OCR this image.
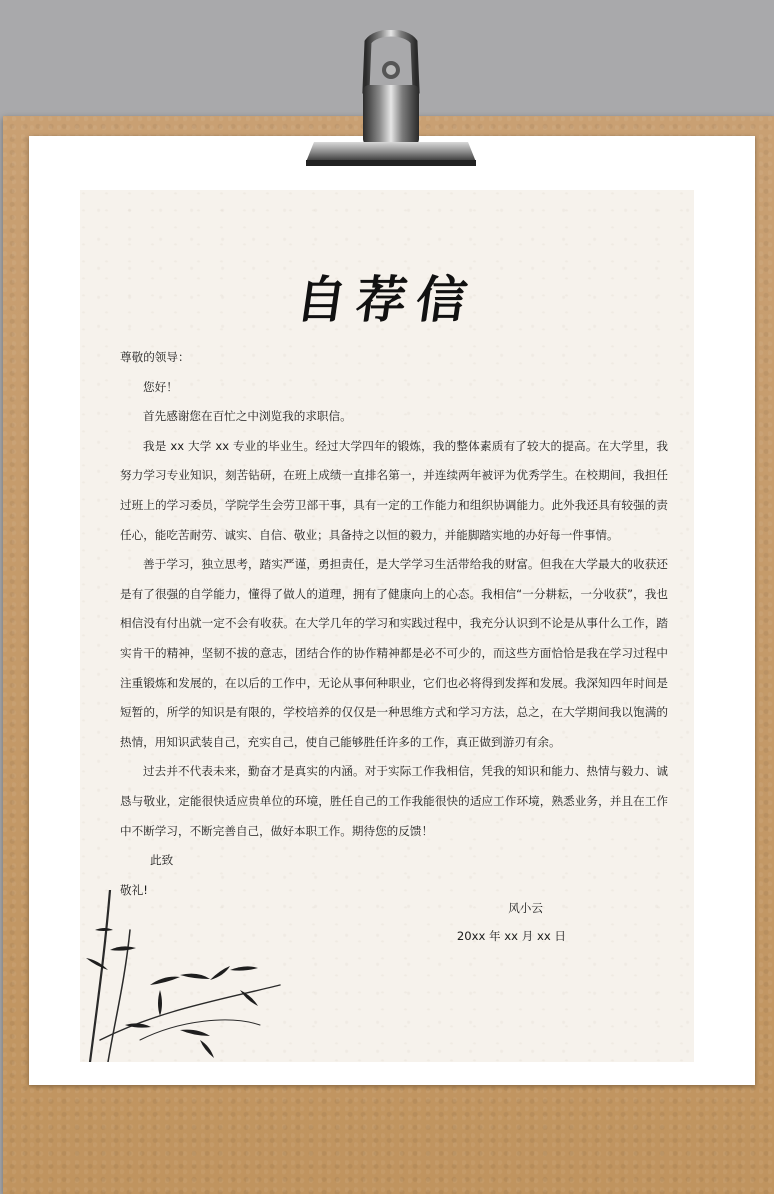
自荐信

尊敬的领导：

您好！

首先感谢您在百忙之中浏览我的求职信。

我是 xx 大学 xx 专业的毕业生。经过大学四年的锻炼，我的整体素质有了较大的提高。在大学里，我努力学习专业知识，刻苦钻研，在班上成绩一直排名第一，并连续两年被评为优秀学生。在校期间，我担任过班上的学习委员，学院学生会劳卫部干事，具有一定的工作能力和组织协调能力。此外我还具有较强的责任心，能吃苦耐劳、诚实、自信、敬业；具备持之以恒的毅力，并能脚踏实地的办好每一件事情。

善于学习，独立思考，踏实严谨，勇担责任，是大学学习生活带给我的财富。但我在大学最大的收获还是有了很强的自学能力，懂得了做人的道理，拥有了健康向上的心态。我相信“一分耕耘，一分收获”，我也相信没有付出就一定不会有收获。在大学几年的学习和实践过程中，我充分认识到不论是从事什么工作，踏实肯干的精神，坚韧不拔的意志，团结合作的协作精神都是必不可少的，而这些方面恰恰是我在学习过程中注重锻炼和发展的，在以后的工作中，无论从事何种职业，它们也必将得到发挥和发展。我深知四年时间是短暂的，所学的知识是有限的，学校培养的仅仅是一种思维方式和学习方法，总之，在大学期间我以饱满的热情，用知识武装自己，充实自己，使自己能够胜任许多的工作，真正做到游刃有余。

过去并不代表未来，勤奋才是真实的内涵。对于实际工作我相信，凭我的知识和能力、热情与毅力、诚恳与敬业，定能很快适应贵单位的环境，胜任自己的工作我能很快的适应工作环境，熟悉业务，并且在工作中不断学习，不断完善自己，做好本职工作。期待您的反馈！

此致

敬礼!

风小云
20xx 年 xx 月 xx 日
